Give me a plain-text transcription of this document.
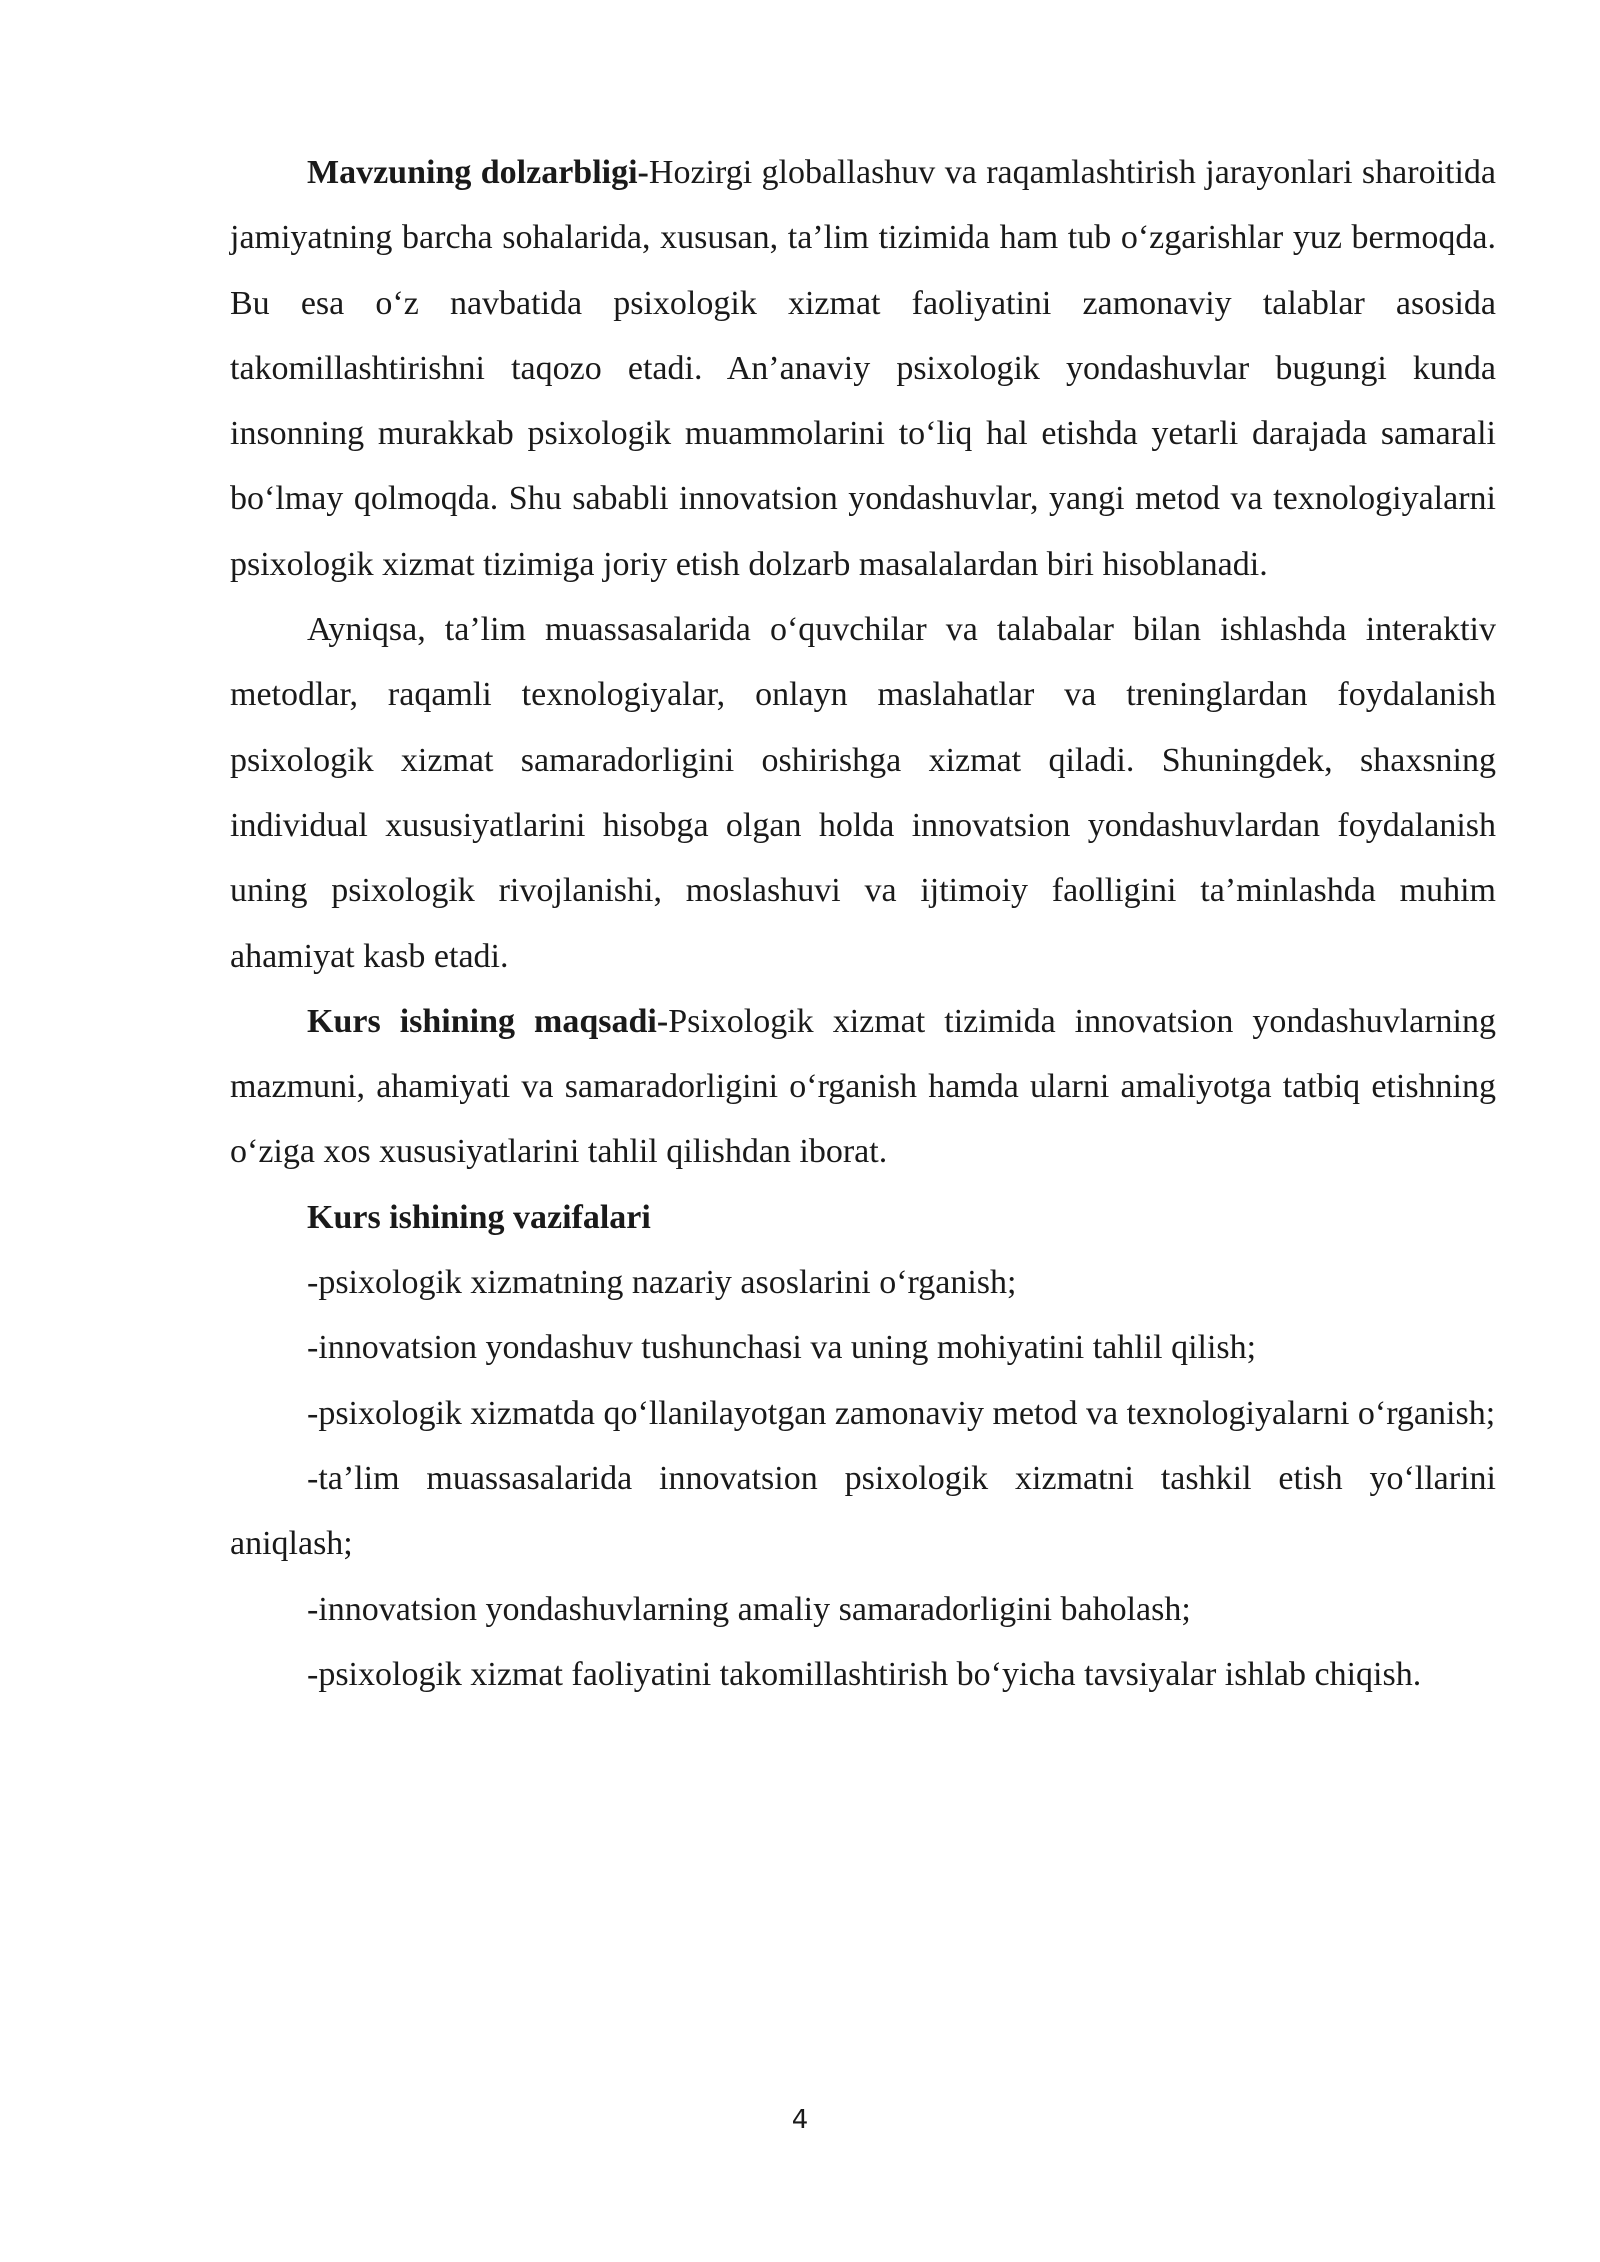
Mavzuning dolzarbligi-Hozirgi globallashuv va raqamlashtirish jarayonlari sharoitida jamiyatning barcha sohalarida, xususan, ta’lim tizimida ham tub o‘zgarishlar yuz bermoqda. Bu esa o‘z navbatida psixologik xizmat faoliyatini zamonaviy talablar asosida takomillashtirishni taqozo etadi. An’anaviy psixologik yondashuvlar bugungi kunda insonning murakkab psixologik muammolarini to‘liq hal etishda yetarli darajada samarali bo‘lmay qolmoqda. Shu sababli innovatsion yondashuvlar, yangi metod va texnologiyalarni psixologik xizmat tizimiga joriy etish dolzarb masalalardan biri hisoblanadi.

Ayniqsa, ta’lim muassasalarida o‘quvchilar va talabalar bilan ishlashda interaktiv metodlar, raqamli texnologiyalar, onlayn maslahatlar va treninglardan foydalanish psixologik xizmat samaradorligini oshirishga xizmat qiladi. Shuningdek, shaxsning individual xususiyatlarini hisobga olgan holda innovatsion yondashuvlardan foydalanish uning psixologik rivojlanishi, moslashuvi va ijtimoiy faolligini ta’minlashda muhim ahamiyat kasb etadi.

Kurs ishining maqsadi-Psixologik xizmat tizimida innovatsion yondashuvlarning mazmuni, ahamiyati va samaradorligini o‘rganish hamda ularni amaliyotga tatbiq etishning o‘ziga xos xususiyatlarini tahlil qilishdan iborat.

Kurs ishining vazifalari

-psixologik xizmatning nazariy asoslarini o‘rganish;

-innovatsion yondashuv tushunchasi va uning mohiyatini tahlil qilish;

-psixologik xizmatda qo‘llanilayotgan zamonaviy metod va texnologiyalarni o‘rganish;

-ta’lim muassasalarida innovatsion psixologik xizmatni tashkil etish yo‘llarini aniqlash;

-innovatsion yondashuvlarning amaliy samaradorligini baholash;

-psixologik xizmat faoliyatini takomillashtirish bo‘yicha tavsiyalar ishlab chiqish.

4
